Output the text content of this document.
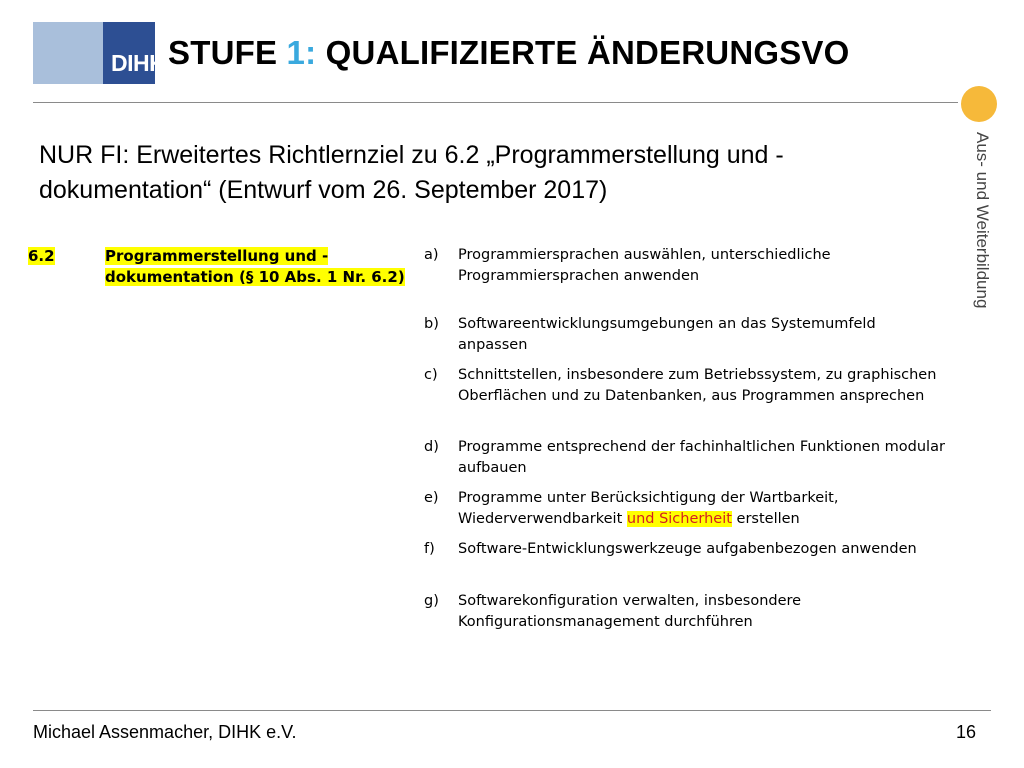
DIHK STUFE 1: QUALIFIZIERTE ÄNDERUNGSVO
Aus- und Weiterbildung
NUR FI: Erweitertes Richtlernziel zu 6.2 „Programmerstellung und -dokumentation“ (Entwurf vom 26. September 2017)
6.2	Programmerstellung und - dokumentation (§ 10 Abs. 1 Nr. 6.2)
a) Programmiersprachen auswählen, unterschiedliche Programmiersprachen anwenden
b) Softwareentwicklungsumgebungen an das Systemumfeld anpassen
c) Schnittstellen, insbesondere zum Betriebssystem, zu graphischen Oberflächen und zu Datenbanken, aus Programmen ansprechen
d) Programme entsprechend der fachinhaltlichen Funktionen modular aufbauen
e) Programme unter Berücksichtigung der Wartbarkeit, Wiederverwendbarkeit und Sicherheit erstellen
f) Software-Entwicklungswerkzeuge aufgabenbezogen anwenden
g) Softwarekonfiguration verwalten, insbesondere Konfigurationsmanagement durchführen
Michael Assenmacher, DIHK e.V.	16
